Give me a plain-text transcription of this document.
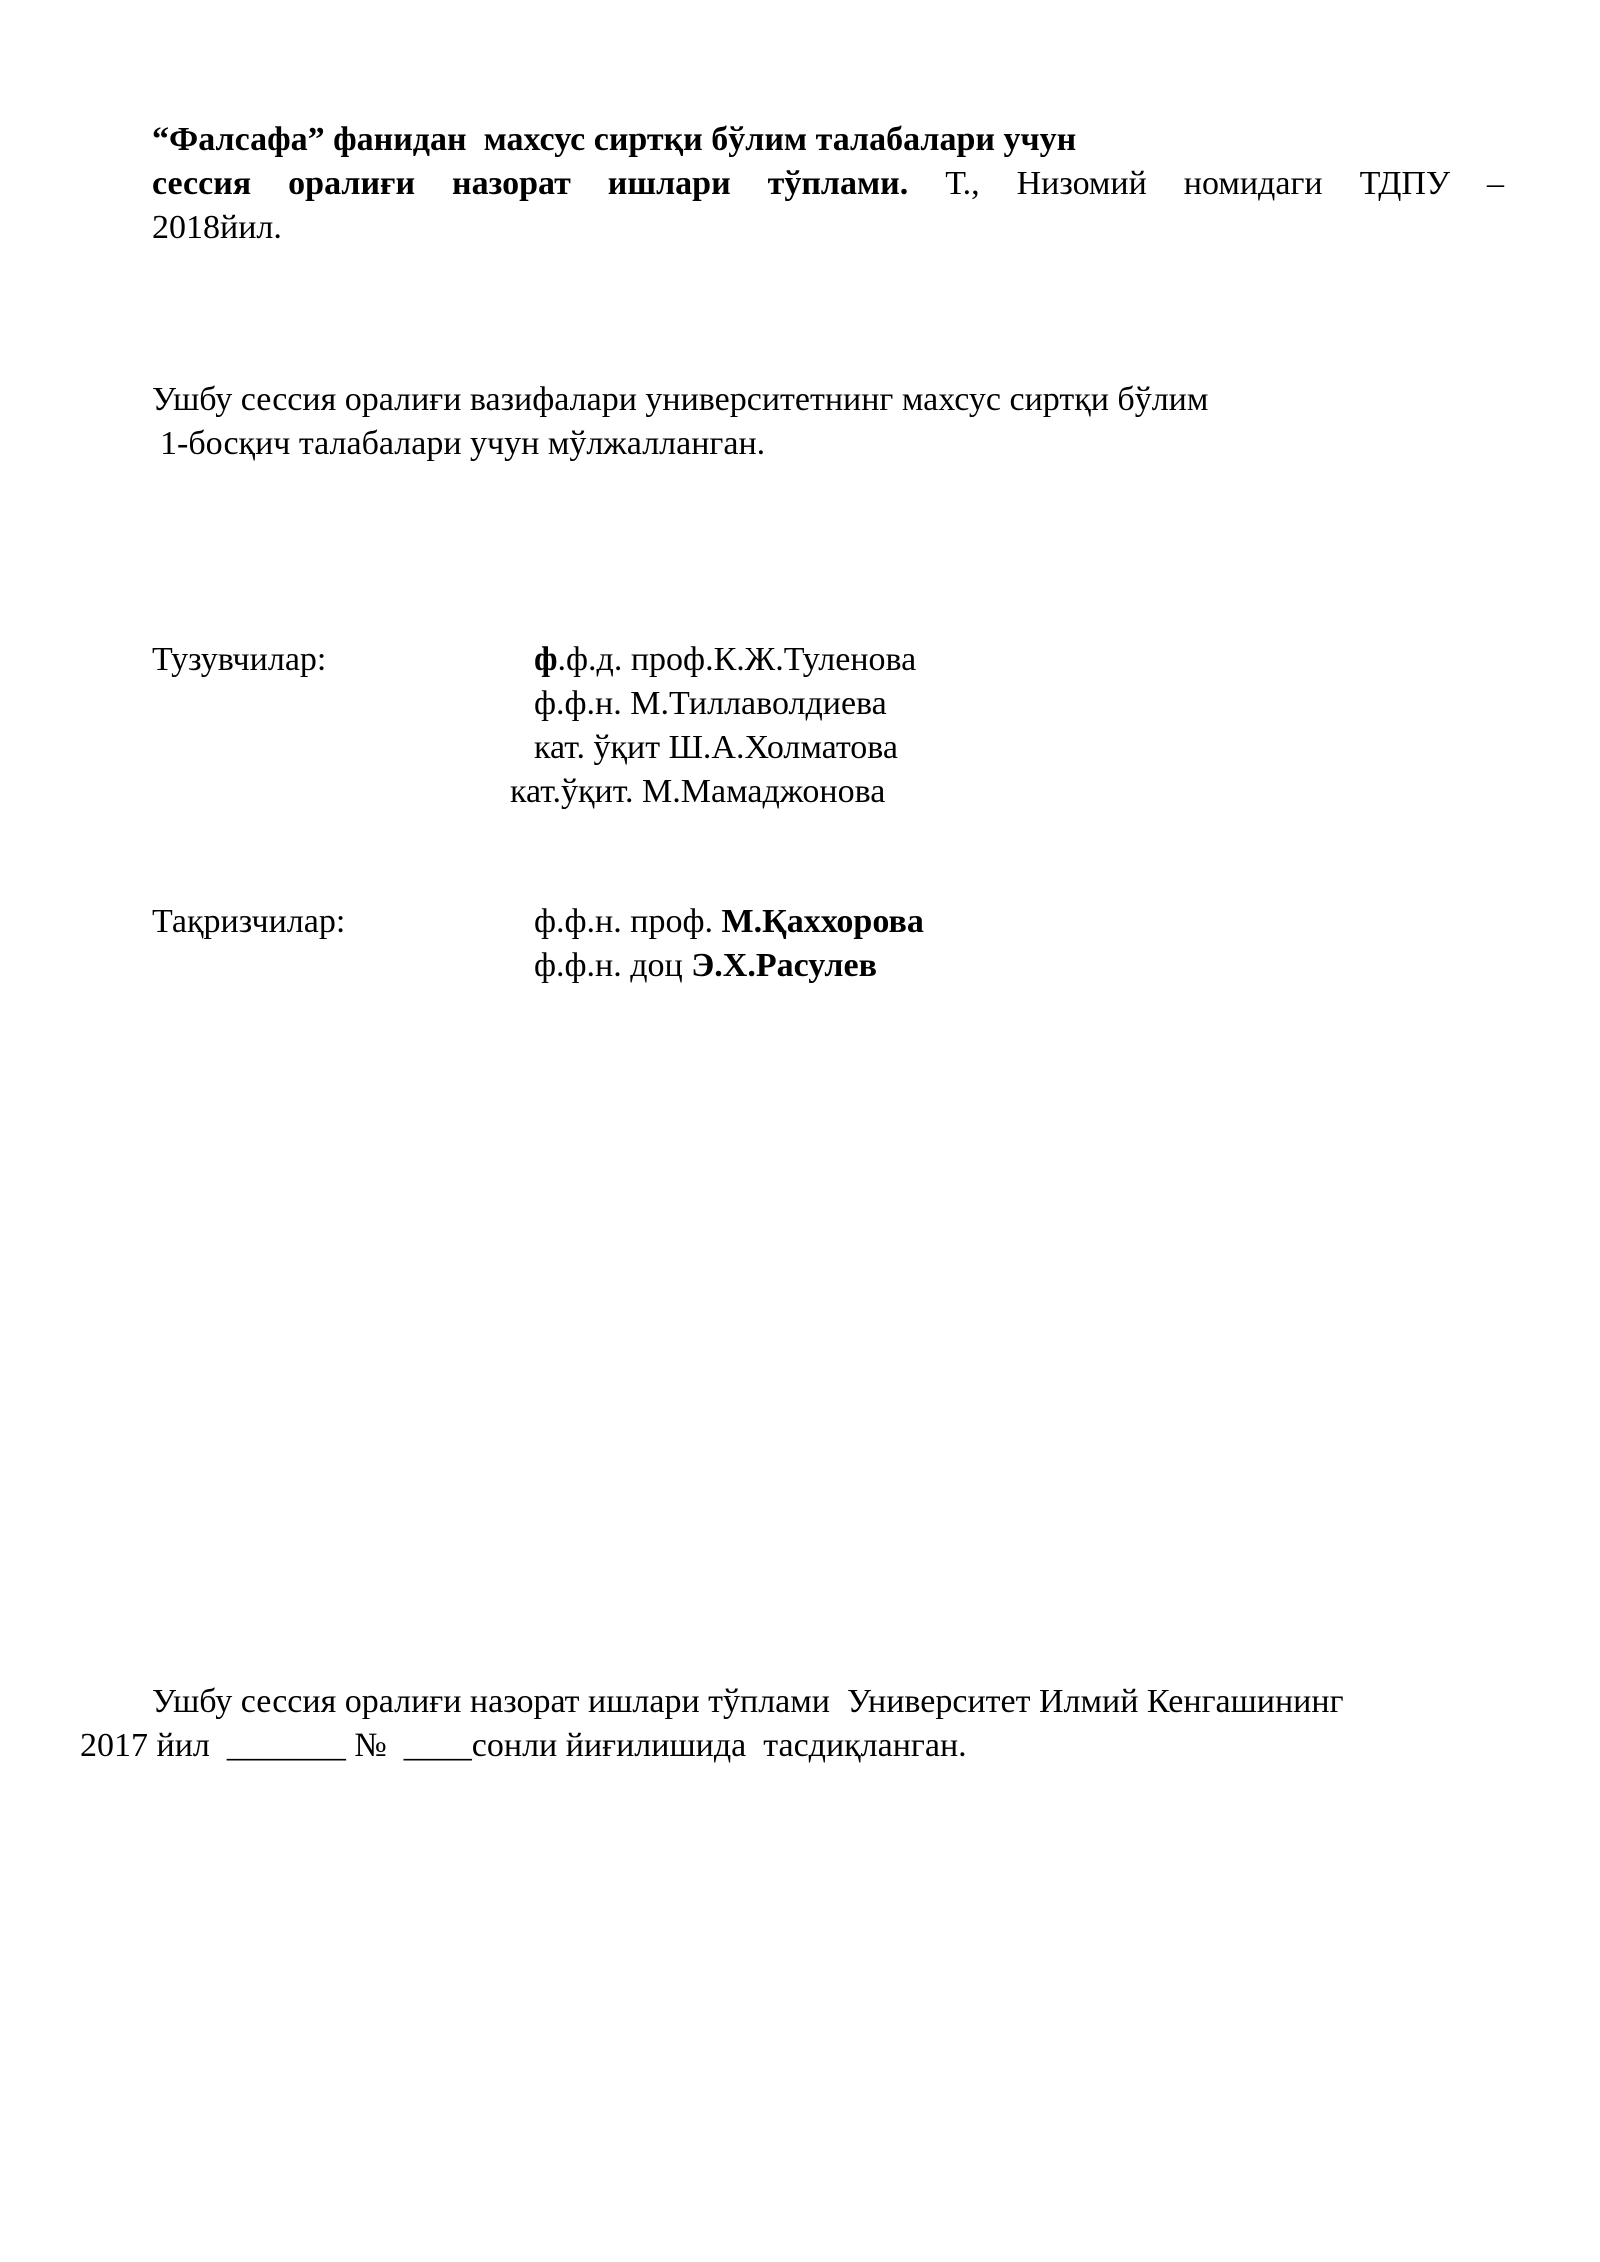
“Фалсафа” фанидан  махсус сиртқи бўлим талабалари учун
сессия оралиғи назорат ишлари тўплами. Т., Низомий номидаги ТДПУ –
2018йил.
Ушбу сессия оралиғи вазифалари университетнинг махсус сиртқи бўлим
1-босқич талабалари учун мўлжалланган.
Тузувчилар:	ф.ф.д. проф.К.Ж.Туленова
ф.ф.н. М.Тиллаволдиева
кат. ўқит Ш.А.Холматова
кат.ўқит. М.Мамаджонова
Тақризчилар:	ф.ф.н. проф. М.Қаххорова
ф.ф.н. доц Э.Х.Расулев
Ушбу сессия оралиғи назорат ишлари тўплами  Университет Илмий Кенгашининг
2017 йил  _______ №  ____сонли йиғилишида  тасдиқланган.
